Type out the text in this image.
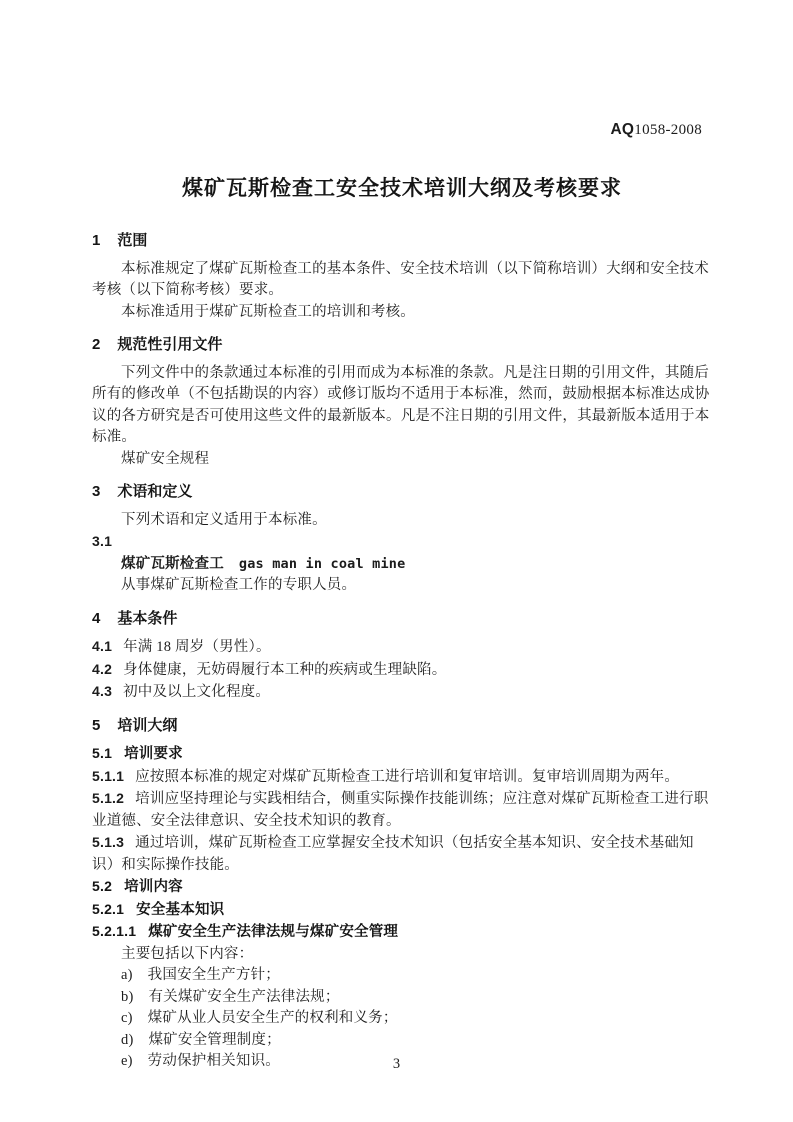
AQ1058-2008
煤矿瓦斯检查工安全技术培训大纲及考核要求
1 范围

本标准规定了煤矿瓦斯检查工的基本条件、安全技术培训（以下简称培训）大纲和安全技术考核（以下简称考核）要求。

本标准适用于煤矿瓦斯检查工的培训和考核。

2 规范性引用文件

下列文件中的条款通过本标准的引用而成为本标准的条款。凡是注日期的引用文件，其随后所有的修改单（不包括勘误的内容）或修订版均不适用于本标准，然而，鼓励根据本标准达成协议的各方研究是否可使用这些文件的最新版本。凡是不注日期的引用文件，其最新版本适用于本标准。

煤矿安全规程

3 术语和定义

下列术语和定义适用于本标准。

3.1

煤矿瓦斯检查工 gas man in coal mine

从事煤矿瓦斯检查工作的专职人员。

4 基本条件

4.1 年满 18 周岁（男性）。

4.2 身体健康，无妨碍履行本工种的疾病或生理缺陷。

4.3 初中及以上文化程度。

5 培训大纲

5.1 培训要求

5.1.1 应按照本标准的规定对煤矿瓦斯检查工进行培训和复审培训。复审培训周期为两年。

5.1.2 培训应坚持理论与实践相结合，侧重实际操作技能训练；应注意对煤矿瓦斯检查工进行职业道德、安全法律意识、安全技术知识的教育。

5.1.3 通过培训，煤矿瓦斯检查工应掌握安全技术知识（包括安全基本知识、安全技术基础知识）和实际操作技能。

5.2 培训内容

5.2.1 安全基本知识

5.2.1.1 煤矿安全生产法律法规与煤矿安全管理

主要包括以下内容：

a) 我国安全生产方针；

b) 有关煤矿安全生产法律法规；

c) 煤矿从业人员安全生产的权利和义务；

d) 煤矿安全管理制度；

e) 劳动保护相关知识。	3
